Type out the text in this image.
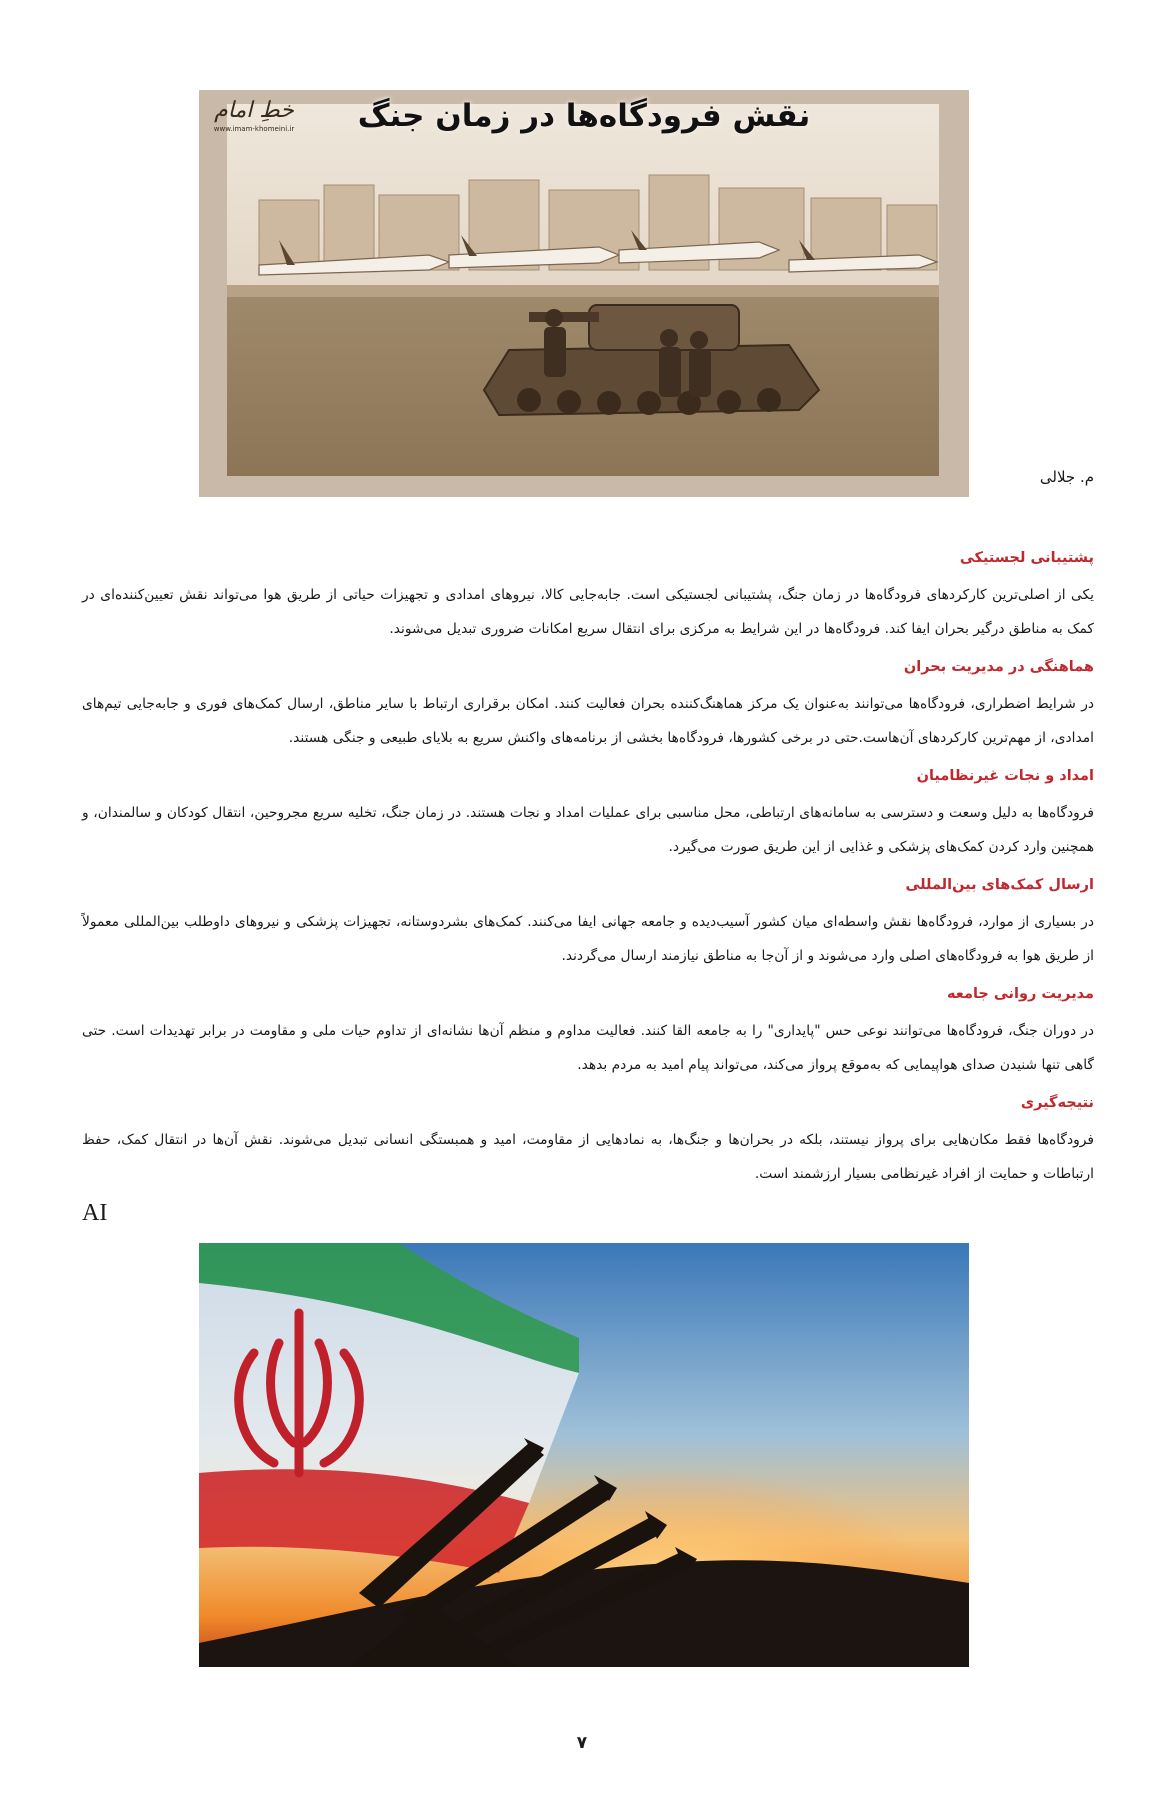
خطِ امام
www.imam-khomeini.ir	نقش فرودگاه‌ها در زمان جنگ
م. جلالی
پشتیبانی لجستیکی

یکی از اصلی‌ترین کارکردهای فرودگاه‌ها در زمان جنگ، پشتیبانی لجستیکی است. جابه‌جایی کالا، نیروهای امدادی و تجهیزات حیاتی از طریق هوا می‌تواند نقش تعیین‌کننده‌ای در کمک به مناطق درگیر بحران ایفا کند. فرودگاه‌ها در این شرایط به مرکزی برای انتقال سریع امکانات ضروری تبدیل می‌شوند.

هماهنگی در مدیریت بحران

در شرایط اضطراری، فرودگاه‌ها می‌توانند به‌عنوان یک مرکز هماهنگ‌کننده بحران فعالیت کنند. امکان برقراری ارتباط با سایر مناطق، ارسال کمک‌های فوری و جابه‌جایی تیم‌های امدادی، از مهم‌ترین کارکردهای آن‌هاست.حتی در برخی کشورها، فرودگاه‌ها بخشی از برنامه‌های واکنش سریع به بلایای طبیعی و جنگی هستند.

امداد و نجات غیرنظامیان

فرودگاه‌ها به دلیل وسعت و دسترسی به سامانه‌های ارتباطی، محل مناسبی برای عملیات امداد و نجات هستند. در زمان جنگ، تخلیه سریع مجروحین، انتقال کودکان و سالمندان، و همچنین وارد کردن کمک‌های پزشکی و غذایی از این طریق صورت می‌گیرد.

ارسال کمک‌های بین‌المللی

در بسیاری از موارد، فرودگاه‌ها نقش واسطه‌ای میان کشور آسیب‌دیده و جامعه جهانی ایفا می‌کنند. کمک‌های بشردوستانه، تجهیزات پزشکی و نیروهای داوطلب بین‌المللی معمولاً از طریق هوا به فرودگاه‌های اصلی وارد می‌شوند و از آن‌جا به مناطق نیازمند ارسال می‌گردند.

مدیریت روانی جامعه

در دوران جنگ، فرودگاه‌ها می‌توانند نوعی حس "پایداری" را به جامعه القا کنند. فعالیت مداوم و منظم آن‌ها نشانه‌ای از تداوم حیات ملی و مقاومت در برابر تهدیدات است. حتی گاهی تنها شنیدن صدای هواپیمایی که به‌موقع پرواز می‌کند، می‌تواند پیام امید به مردم بدهد.

نتیجه‌گیری

فرودگاه‌ها فقط مکان‌هایی برای پرواز نیستند، بلکه در بحران‌ها و جنگ‌ها، به نمادهایی از مقاومت، امید و همبستگی انسانی تبدیل می‌شوند. نقش آن‌ها در انتقال کمک، حفظ ارتباطات و حمایت از افراد غیرنظامی بسیار ارزشمند است.

AI
۷
